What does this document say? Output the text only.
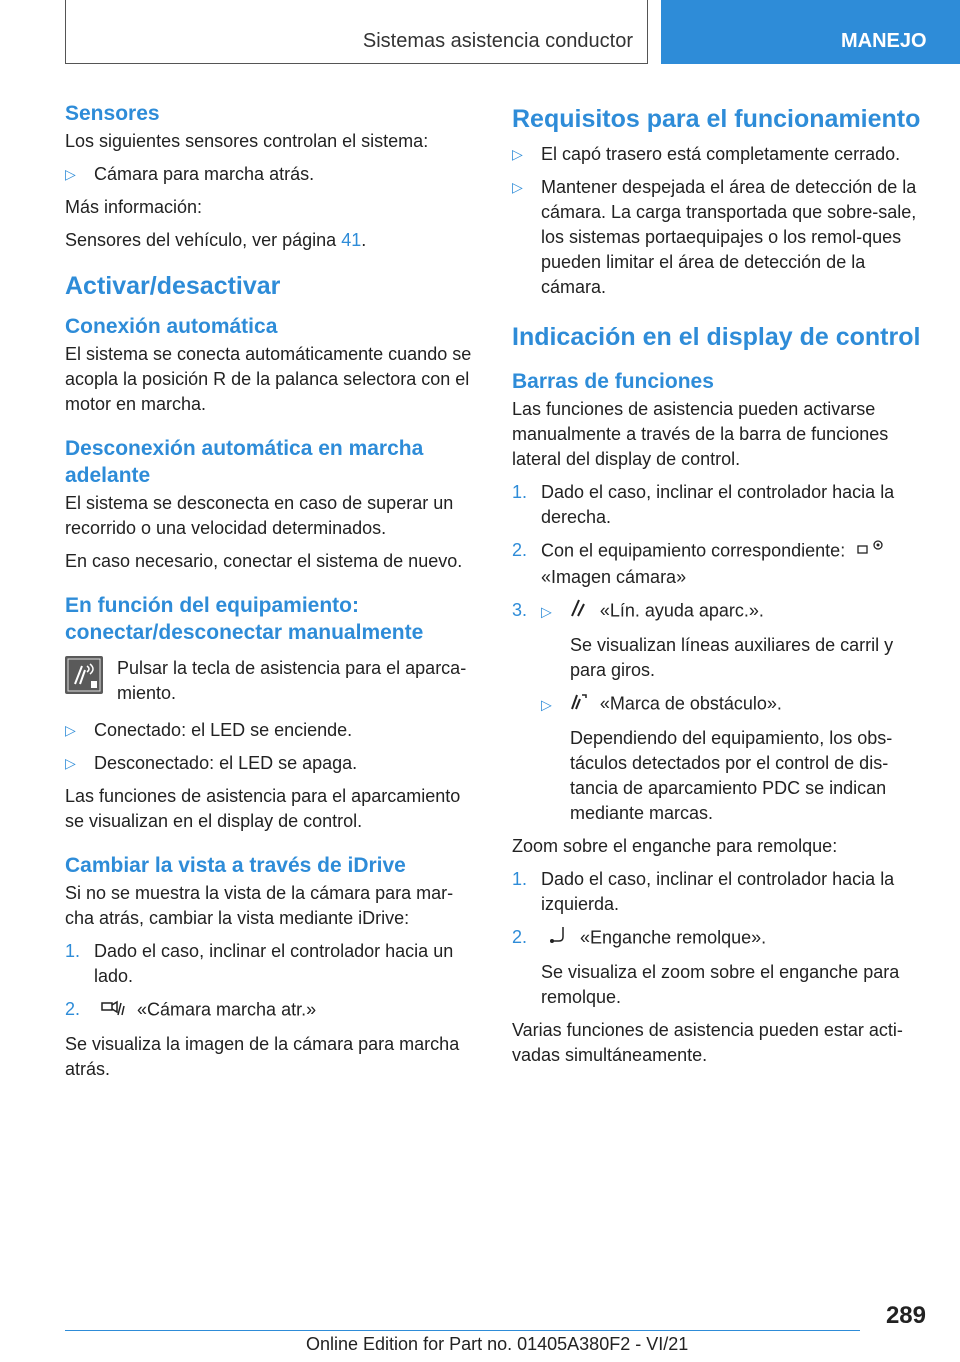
Sistemas asistencia conductor	MANEJO
Sensores
Los siguientes sensores controlan el sistema:
▷ Cámara para marcha atrás.
Más información:
Sensores del vehículo, ver página 41.
Activar/desactivar
Conexión automática
El sistema se conecta automáticamente cuando se acopla la posición R de la palanca selectora con el motor en marcha.
Desconexión automática en marcha adelante
El sistema se desconecta en caso de superar un recorrido o una velocidad determinados.
En caso necesario, conectar el sistema de nuevo.
En función del equipamiento: conectar/desconectar manualmente
Pulsar la tecla de asistencia para el aparca-miento.
▷ Conectado: el LED se enciende.
▷ Desconectado: el LED se apaga.
Las funciones de asistencia para el aparcamiento se visualizan en el display de control.
Cambiar la vista a través de iDrive
Si no se muestra la vista de la cámara para mar-cha atrás, cambiar la vista mediante iDrive:
1. Dado el caso, inclinar el controlador hacia un lado.
2.	«Cámara marcha atr.»
Se visualiza la imagen de la cámara para marcha atrás.
Requisitos para el funcionamiento
▷ El capó trasero está completamente cerrado.
▷ Mantener despejada el área de detección de la cámara. La carga transportada que sobre-sale, los sistemas portaequipajes o los remol-ques pueden limitar el área de detección de la cámara.
Indicación en el display de control
Barras de funciones
Las funciones de asistencia pueden activarse manualmente a través de la barra de funciones lateral del display de control.
1. Dado el caso, inclinar el controlador hacia la derecha.
2. Con el equipamiento correspondiente:
«Imagen cámara»
3. ▷	«Lín. ayuda aparc.».
Se visualizan líneas auxiliares de carril y para giros.
▷	«Marca de obstáculo».
Dependiendo del equipamiento, los obs-táculos detectados por el control de dis-tancia de aparcamiento PDC se indican mediante marcas.
Zoom sobre el enganche para remolque:
1. Dado el caso, inclinar el controlador hacia la izquierda.
2.	«Enganche remolque».
Se visualiza el zoom sobre el enganche para remolque.
Varias funciones de asistencia pueden estar acti-vadas simultáneamente.
289
Online Edition for Part no. 01405A380F2 - VI/21
